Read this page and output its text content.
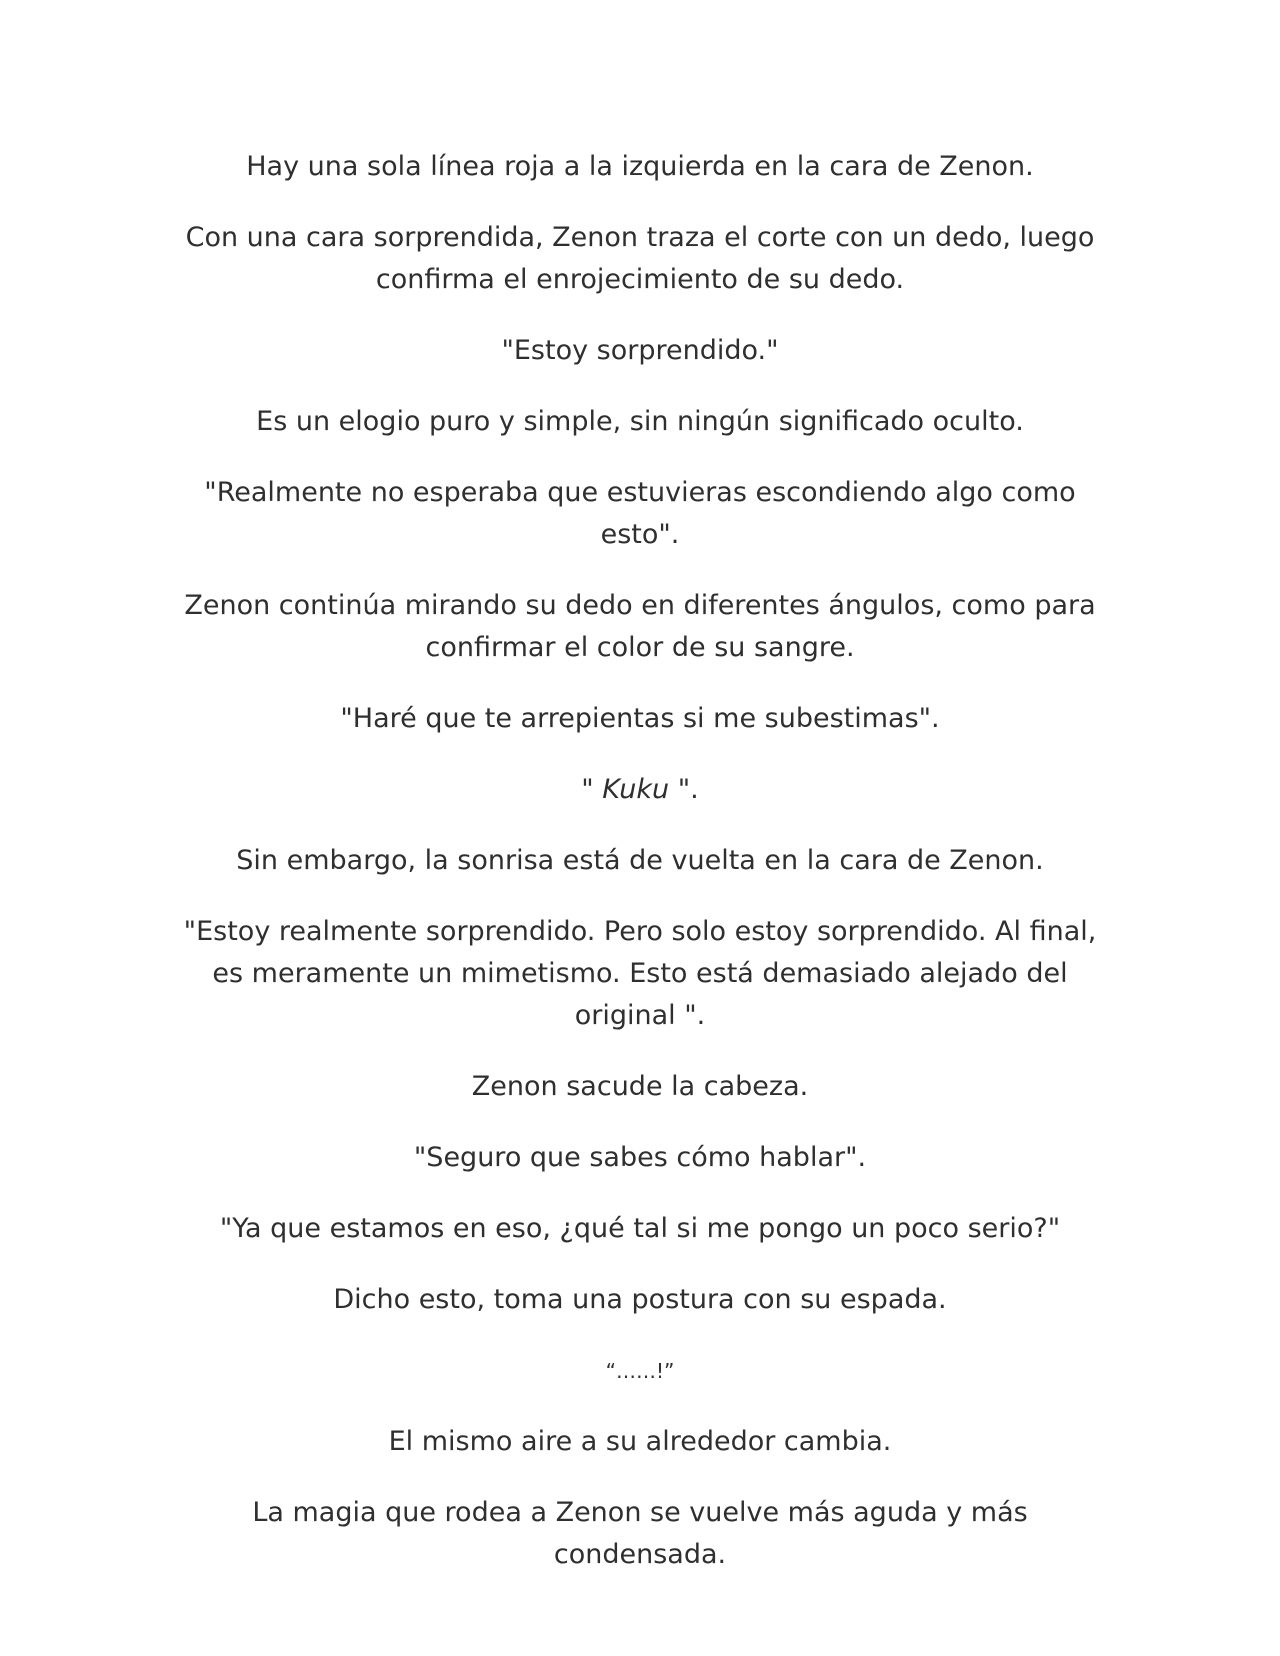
Hay una sola línea roja a la izquierda en la cara de Zenon.

Con una cara sorprendida, Zenon traza el corte con un dedo, luego confirma el enrojecimiento de su dedo.

"Estoy sorprendido."

Es un elogio puro y simple, sin ningún significado oculto.

"Realmente no esperaba que estuvieras escondiendo algo como esto".

Zenon continúa mirando su dedo en diferentes ángulos, como para confirmar el color de su sangre.

"Haré que te arrepientas si me subestimas".

" Kuku ".

Sin embargo, la sonrisa está de vuelta en la cara de Zenon.

"Estoy realmente sorprendido. Pero solo estoy sorprendido. Al final, es meramente un mimetismo. Esto está demasiado alejado del original ".

Zenon sacude la cabeza.

"Seguro que sabes cómo hablar".

"Ya que estamos en eso, ¿qué tal si me pongo un poco serio?"

Dicho esto, toma una postura con su espada.

“……!”

El mismo aire a su alrededor cambia.

La magia que rodea a Zenon se vuelve más aguda y más condensada.
